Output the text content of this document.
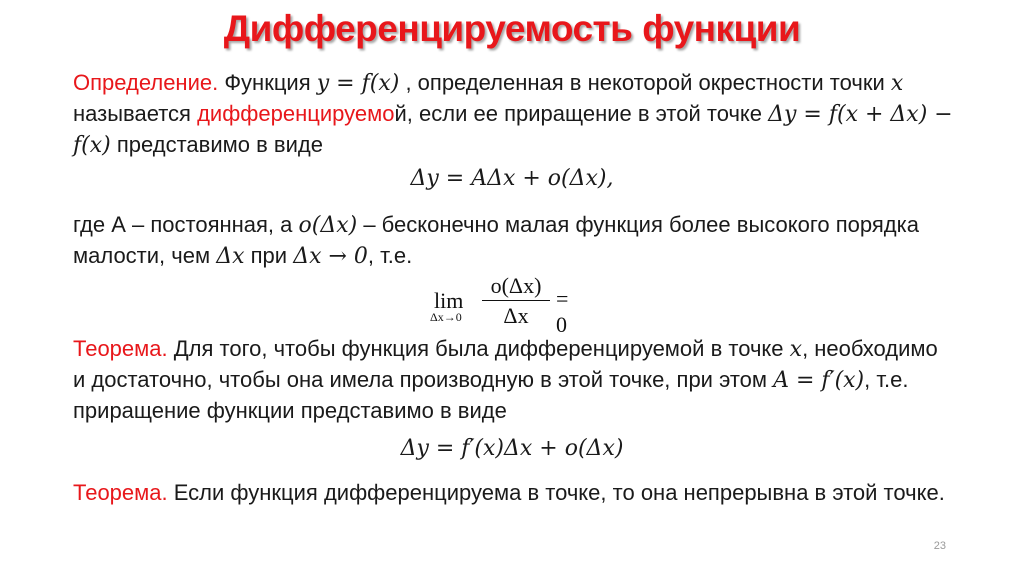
Дифференцируемость функции
Определение. Функция y = f(x) , определенная в некоторой окрестности точки x называется дифференцируемой, если ее приращение в этой точке Δy = f(x + Δx) − f(x) представимо в виде
Δy = AΔx + o(Δx),
где А – постоянная, а o(Δx) – бесконечно малая функция более высокого порядка малости, чем Δx при Δx → 0, т.е.
lim
Δx→0
o(Δx)
Δx
= 0
Теорема. Для того, чтобы функция была дифференцируемой в точке x, необходимо и достаточно, чтобы она имела производную в этой точке, при этом A = f′(x), т.е. приращение функции представимо в виде
Δy = f′(x)Δx + o(Δx)
Теорема. Если функция дифференцируема в точке, то она непрерывна в этой точке.
23
